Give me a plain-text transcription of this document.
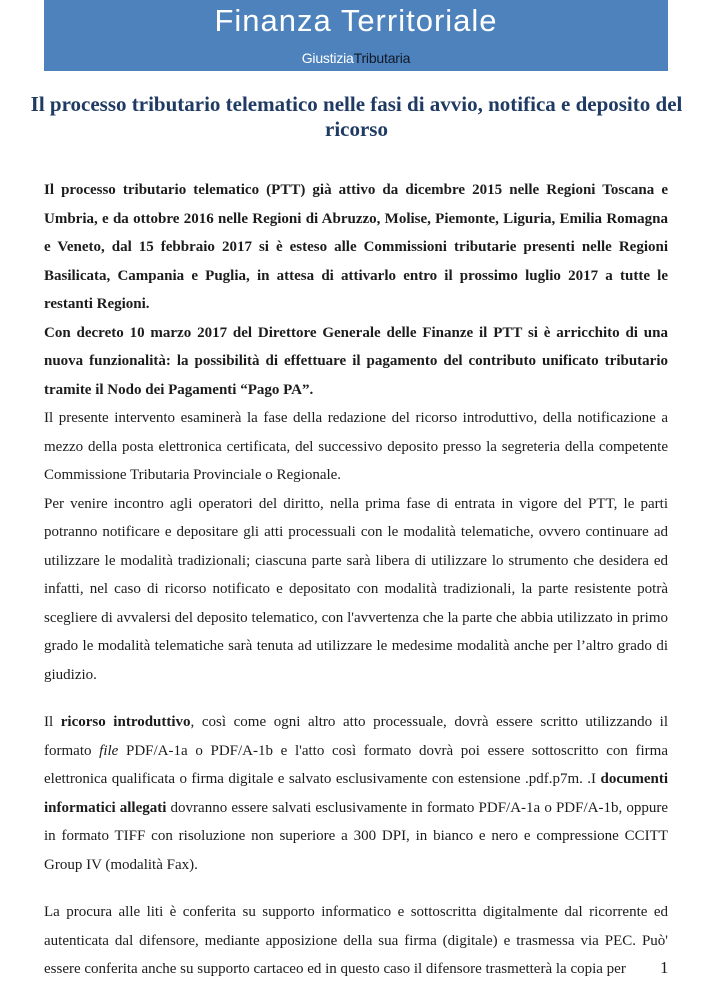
Finanza Territoriale
GiustiziaTributaria
Il processo tributario telematico nelle fasi di avvio, notifica e deposito del ricorso

Il processo tributario telematico (PTT) già attivo da dicembre 2015 nelle Regioni Toscana e Umbria, e da ottobre 2016 nelle Regioni di Abruzzo, Molise, Piemonte, Liguria, Emilia Romagna e Veneto, dal 15 febbraio 2017 si è esteso alle Commissioni tributarie presenti nelle Regioni Basilicata, Campania e Puglia, in attesa di attivarlo entro il prossimo luglio 2017 a tutte le restanti Regioni.

Con decreto 10 marzo 2017 del Direttore Generale delle Finanze il PTT si è arricchito di una nuova funzionalità: la possibilità di effettuare il pagamento del contributo unificato tributario tramite il Nodo dei Pagamenti “Pago PA”.

Il presente intervento esaminerà la fase della redazione del ricorso introduttivo, della notificazione a mezzo della posta elettronica certificata, del successivo deposito presso la segreteria della competente Commissione Tributaria Provinciale o Regionale.

Per venire incontro agli operatori del diritto, nella prima fase di entrata in vigore del PTT, le parti potranno notificare e depositare gli atti processuali con le modalità telematiche, ovvero continuare ad utilizzare le modalità tradizionali; ciascuna parte sarà libera di utilizzare lo strumento che desidera ed infatti, nel caso di ricorso notificato e depositato con modalità tradizionali, la parte resistente potrà scegliere di avvalersi del deposito telematico, con l'avvertenza che la parte che abbia utilizzato in primo grado le modalità telematiche sarà tenuta ad utilizzare le medesime modalità anche per l’altro grado di giudizio.

Il ricorso introduttivo, così come ogni altro atto processuale, dovrà essere scritto utilizzando il formato file PDF/A-1a o PDF/A-1b e l'atto così formato dovrà poi essere sottoscritto con firma elettronica qualificata o firma digitale e salvato esclusivamente con estensione .pdf.p7m. .I documenti informatici allegati dovranno essere salvati esclusivamente in formato PDF/A-1a o PDF/A-1b, oppure in formato TIFF con risoluzione non superiore a 300 DPI, in bianco e nero e compressione CCITT Group IV (modalità Fax).

La procura alle liti è conferita su supporto informatico e sottoscritta digitalmente dal ricorrente ed autenticata dal difensore, mediante apposizione della sua firma (digitale) e trasmessa via PEC. Può' essere conferita anche su supporto cartaceo ed in questo caso il difensore trasmetterà la copia per	1
